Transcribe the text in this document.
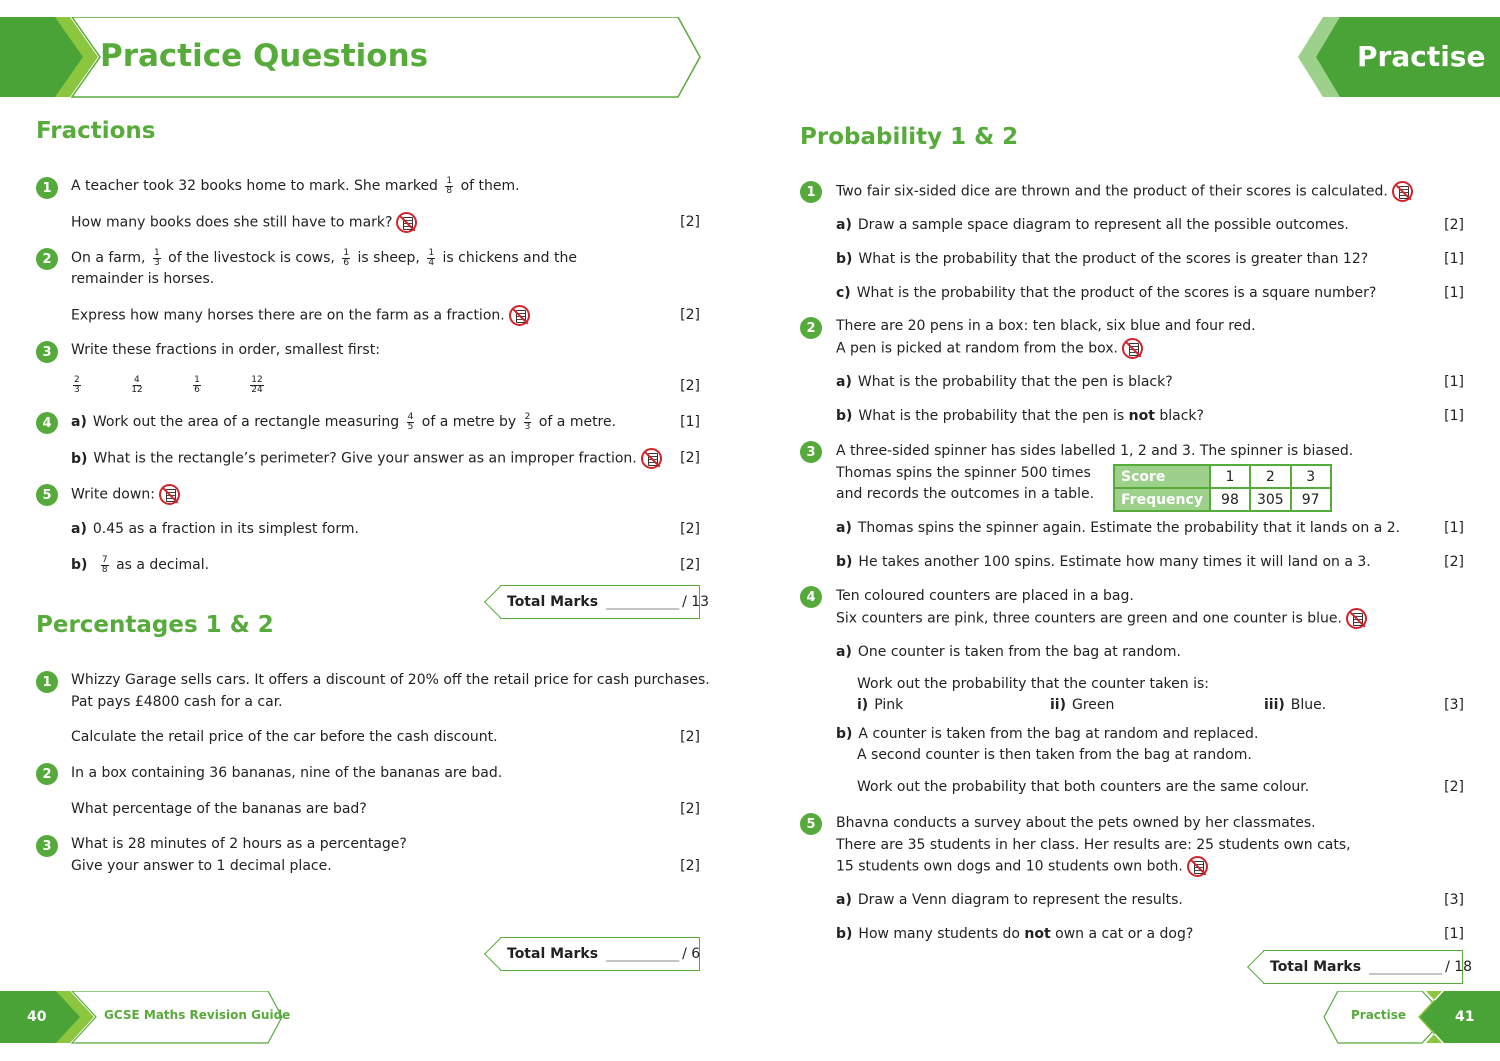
Practice Questions	Practise
Fractions
1	A teacher took 32 books home to mark. She marked $\frac{1}{8}$ of them.
How many books does she still have to mark?	[2]
2	On a farm, $\frac{1}{3}$ of the livestock is cows, $\frac{1}{6}$ is sheep, $\frac{1}{4}$ is chickens and the
remainder is horses.
Express how many horses there are on the farm as a fraction.	[2]
3	Write these fractions in order, smallest first:
$\frac{2}{3}$
	$\frac{4}{12}$
	$\frac{1}{6}$
	$\frac{12}{24}$	[2]
4	a) Work out the area of a rectangle measuring $\frac{4}{5}$ of a metre by $\frac{2}{3}$ of a metre.	[1]
b) What is the rectangle’s perimeter? Give your answer as an improper fraction.	[2]
5	Write down:
a) 0.45 as a fraction in its simplest form.	[2]
$b) \frac{7}{8}$ as a decimal.	[2]
Total Marks ____________ / 13
Percentages 1 & 2
1	Whizzy Garage sells cars. It offers a discount of 20% off the retail price for cash purchases.
Pat pays £4800 cash for a car.
Calculate the retail price of the car before the cash discount.	[2]
2	In a box containing 36 bananas, nine of the bananas are bad.
What percentage of the bananas are bad?	[2]
3	What is 28 minutes of 2 hours as a percentage?
Give your answer to 1 decimal place.	[2]
Total Marks ____________ / 6
Probability 1 & 2
1	Two fair six-sided dice are thrown and the product of their scores is calculated.
a) Draw a sample space diagram to represent all the possible outcomes.	[2]
b) What is the probability that the product of the scores is greater than 12?	[1]
c) What is the probability that the product of the scores is a square number?	[1]
2	There are 20 pens in a box: ten black, six blue and four red.
A pen is picked at random from the box.
a) What is the probability that the pen is black?	[1]
b) What is the probability that the pen is not black?	[1]
3	A three-sided spinner has sides labelled 1, 2 and 3. The spinner is biased.
Thomas spins the spinner 500 times
and records the outcomes in a table.
Score	1	2	3
Frequency	98	305	97
a) Thomas spins the spinner again. Estimate the probability that it lands on a 2.	[1]
b) He takes another 100 spins. Estimate how many times it will land on a 3.	[2]
4	Ten coloured counters are placed in a bag.
Six counters are pink, three counters are green and one counter is blue.
a) One counter is taken from the bag at random.
Work out the probability that the counter taken is:
i) Pink	ii) Green	iii) Blue.	[3]
b) A counter is taken from the bag at random and replaced.
A second counter is then taken from the bag at random.
Work out the probability that both counters are the same colour.	[2]
5	Bhavna conducts a survey about the pets owned by her classmates.
There are 35 students in her class. Her results are: 25 students own cats,
15 students own dogs and 10 students own both.
a) Draw a Venn diagram to represent the results.	[3]
b) How many students do not own a cat or a dog?	[1]
Total Marks ____________ / 18
40	GCSE Maths Revision Guide	Practise	41
